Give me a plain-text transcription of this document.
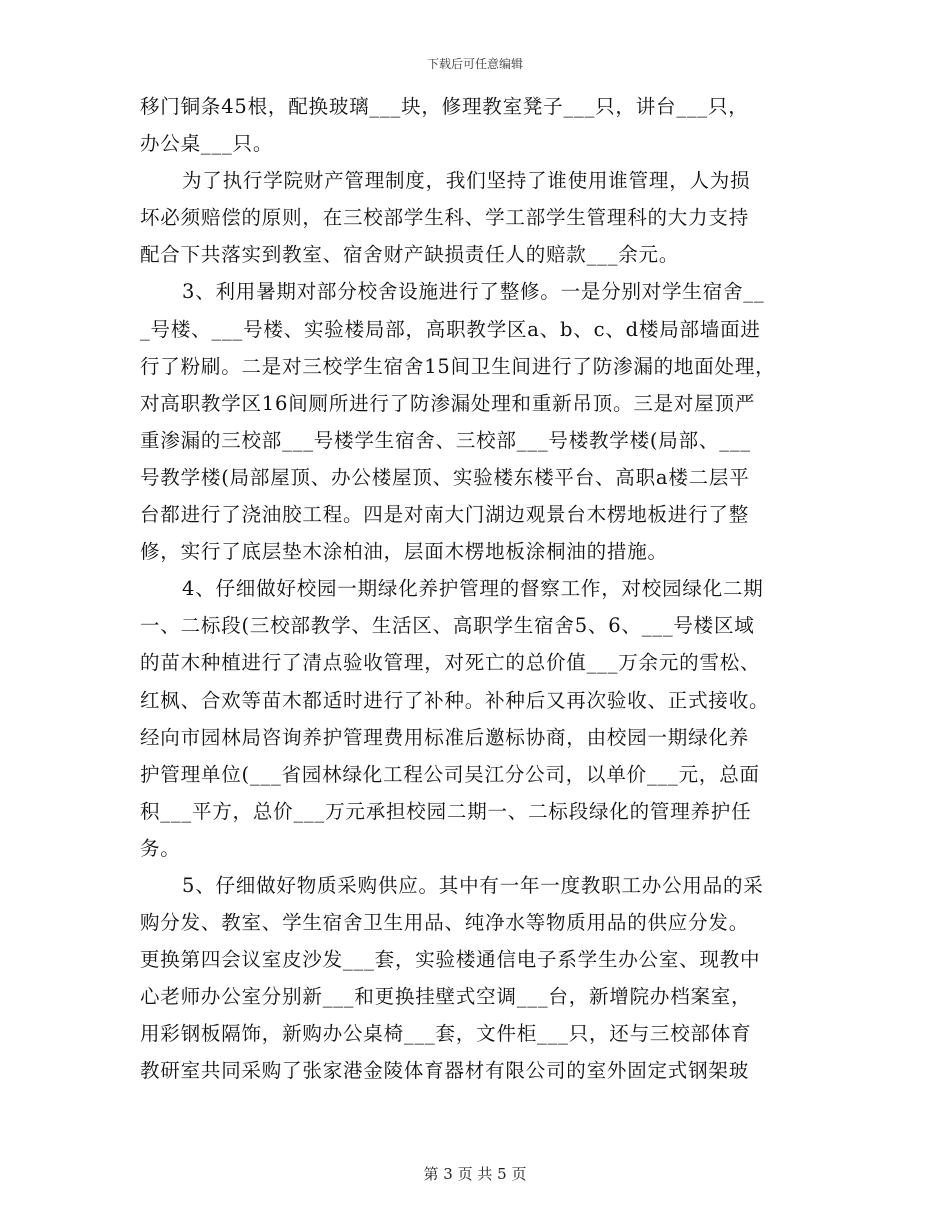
下载后可任意编辑
移门铜条45根，配换玻璃___块，修理教室凳子___只，讲台___只，
办公桌___只。
为了执行学院财产管理制度，我们坚持了谁使用谁管理，人为损
坏必须赔偿的原则，在三校部学生科、学工部学生管理科的大力支持
配合下共落实到教室、宿舍财产缺损责任人的赔款___余元。
3、利用暑期对部分校舍设施进行了整修。一是分别对学生宿舍__
_号楼、___号楼、实验楼局部，高职教学区a、b、c、d楼局部墙面进
行了粉刷。二是对三校学生宿舍15间卫生间进行了防渗漏的地面处理，
对高职教学区16间厕所进行了防渗漏处理和重新吊顶。三是对屋顶严
重渗漏的三校部___号楼学生宿舍、三校部___号楼教学楼(局部、___
号教学楼(局部屋顶、办公楼屋顶、实验楼东楼平台、高职a楼二层平
台都进行了浇油胶工程。四是对南大门湖边观景台木楞地板进行了整
修，实行了底层垫木涂柏油，层面木楞地板涂桐油的措施。
4、仔细做好校园一期绿化养护管理的督察工作，对校园绿化二期
一、二标段(三校部教学、生活区、高职学生宿舍5、6、___号楼区域
的苗木种植进行了清点验收管理，对死亡的总价值___万余元的雪松、
红枫、合欢等苗木都适时进行了补种。补种后又再次验收、正式接收。
经向市园林局咨询养护管理费用标准后邀标协商，由校园一期绿化养
护管理单位(___省园林绿化工程公司吴江分公司，以单价___元，总面
积___平方，总价___万元承担校园二期一、二标段绿化的管理养护任
务。
5、仔细做好物质采购供应。其中有一年一度教职工办公用品的采
购分发、教室、学生宿舍卫生用品、纯净水等物质用品的供应分发。
更换第四会议室皮沙发___套，实验楼通信电子系学生办公室、现教中
心老师办公室分别新___和更换挂壁式空调___台，新增院办档案室，
用彩钢板隔饰，新购办公桌椅___套，文件柜___只，还与三校部体育
教研室共同采购了张家港金陵体育器材有限公司的室外固定式钢架玻
第 3 页 共 5 页
